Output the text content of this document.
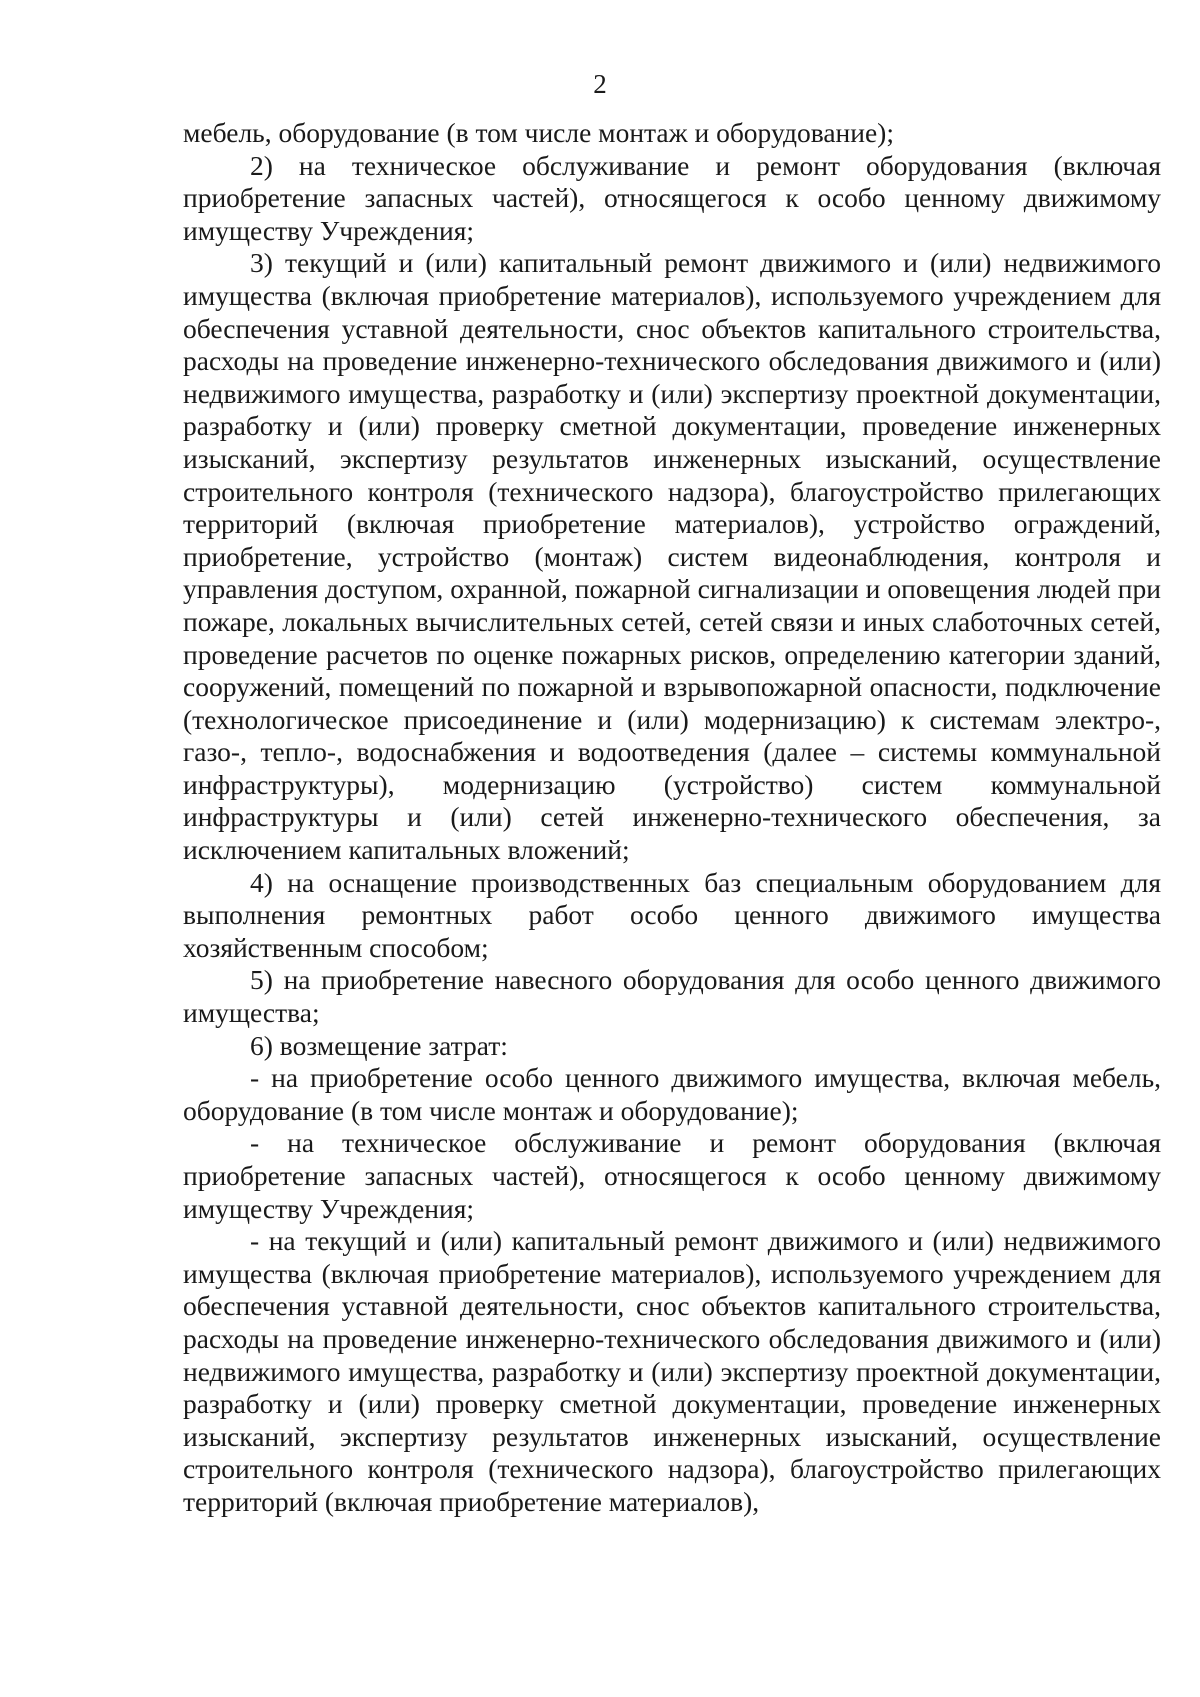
2

мебель, оборудование (в том числе монтаж и оборудование);

2) на техническое обслуживание и ремонт оборудования (включая приобретение запасных частей), относящегося к особо ценному движимому имуществу Учреждения;

3) текущий и (или) капитальный ремонт движимого и (или) недвижимого имущества (включая приобретение материалов), используемого учреждением для обеспечения уставной деятельности, снос объектов капитального строительства, расходы на проведение инженерно-технического обследования движимого и (или) недвижимого имущества, разработку и (или) экспертизу проектной документации, разработку и (или) проверку сметной документации, проведение инженерных изысканий, экспертизу результатов инженерных изысканий, осуществление строительного контроля (технического надзора), благоустройство прилегающих территорий (включая приобретение материалов), устройство ограждений, приобретение, устройство (монтаж) систем видеонаблюдения, контроля и управления доступом, охранной, пожарной сигнализации и оповещения людей при пожаре, локальных вычислительных сетей, сетей связи и иных слаботочных сетей, проведение расчетов по оценке пожарных рисков, определению категории зданий, сооружений, помещений по пожарной и взрывопожарной опасности, подключение (технологическое присоединение и (или) модернизацию) к системам электро-, газо-, тепло-, водоснабжения и водоотведения (далее – системы коммунальной инфраструктуры), модернизацию (устройство) систем коммунальной инфраструктуры и (или) сетей инженерно-технического обеспечения, за исключением капитальных вложений;

4) на оснащение производственных баз специальным оборудованием для выполнения ремонтных работ особо ценного движимого имущества хозяйственным способом;

5) на приобретение навесного оборудования для особо ценного движимого имущества;

6) возмещение затрат:

- на приобретение особо ценного движимого имущества, включая мебель, оборудование (в том числе монтаж и оборудование);

- на техническое обслуживание и ремонт оборудования (включая приобретение запасных частей), относящегося к особо ценному движимому имуществу Учреждения;

- на текущий и (или) капитальный ремонт движимого и (или) недвижимого имущества (включая приобретение материалов), используемого учреждением для обеспечения уставной деятельности, снос объектов капитального строительства, расходы на проведение инженерно-технического обследования движимого и (или) недвижимого имущества, разработку и (или) экспертизу проектной документации, разработку и (или) проверку сметной документации, проведение инженерных изысканий, экспертизу результатов инженерных изысканий, осуществление строительного контроля (технического надзора), благоустройство прилегающих территорий (включая приобретение материалов),
